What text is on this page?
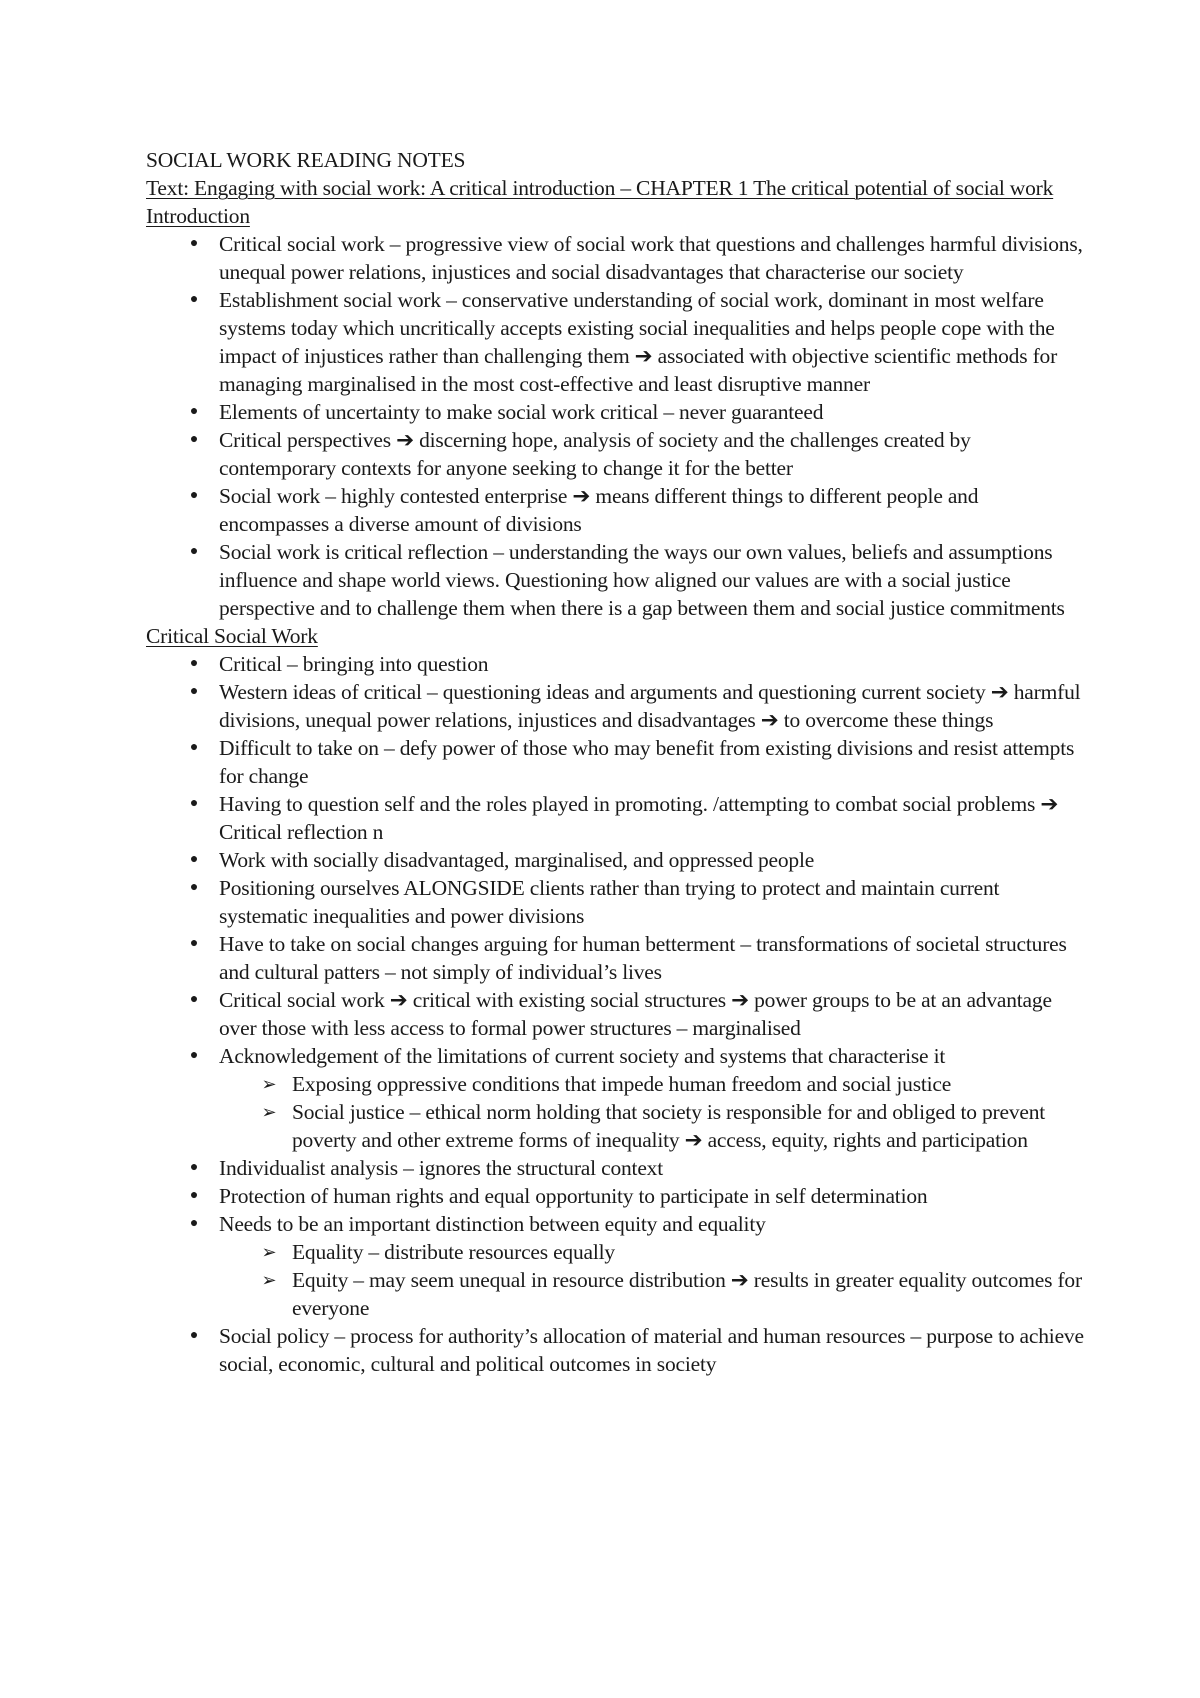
SOCIAL WORK READING NOTES
Text: Engaging with social work: A critical introduction – CHAPTER 1 The critical potential of social work
Introduction
● Critical social work – progressive view of social work that questions and challenges harmful divisions, unequal power relations, injustices and social disadvantages that characterise our society
● Establishment social work – conservative understanding of social work, dominant in most welfare systems today which uncritically accepts existing social inequalities and helps people cope with the impact of injustices rather than challenging them ➔ associated with objective scientific methods for managing marginalised in the most cost-effective and least disruptive manner
● Elements of uncertainty to make social work critical – never guaranteed
● Critical perspectives ➔ discerning hope, analysis of society and the challenges created by contemporary contexts for anyone seeking to change it for the better
● Social work – highly contested enterprise ➔ means different things to different people and encompasses a diverse amount of divisions
● Social work is critical reflection – understanding the ways our own values, beliefs and assumptions influence and shape world views. Questioning how aligned our values are with a social justice perspective and to challenge them when there is a gap between them and social justice commitments
Critical Social Work
● Critical – bringing into question
● Western ideas of critical – questioning ideas and arguments and questioning current society ➔ harmful divisions, unequal power relations, injustices and disadvantages ➔ to overcome these things
● Difficult to take on – defy power of those who may benefit from existing divisions and resist attempts for change
● Having to question self and the roles played in promoting. /attempting to combat social problems ➔ Critical reflection n
● Work with socially disadvantaged, marginalised, and oppressed people
● Positioning ourselves ALONGSIDE clients rather than trying to protect and maintain current systematic inequalities and power divisions
● Have to take on social changes arguing for human betterment – transformations of societal structures and cultural patters – not simply of individual’s lives
● Critical social work ➔ critical with existing social structures ➔ power groups to be at an advantage over those with less access to formal power structures – marginalised
● Acknowledgement of the limitations of current society and systems that characterise it
➢ Exposing oppressive conditions that impede human freedom and social justice
➢ Social justice – ethical norm holding that society is responsible for and obliged to prevent poverty and other extreme forms of inequality ➔ access, equity, rights and participation
● Individualist analysis – ignores the structural context
● Protection of human rights and equal opportunity to participate in self determination
● Needs to be an important distinction between equity and equality
➢ Equality – distribute resources equally
➢ Equity – may seem unequal in resource distribution ➔ results in greater equality outcomes for everyone
● Social policy – process for authority’s allocation of material and human resources – purpose to achieve social, economic, cultural and political outcomes in society
